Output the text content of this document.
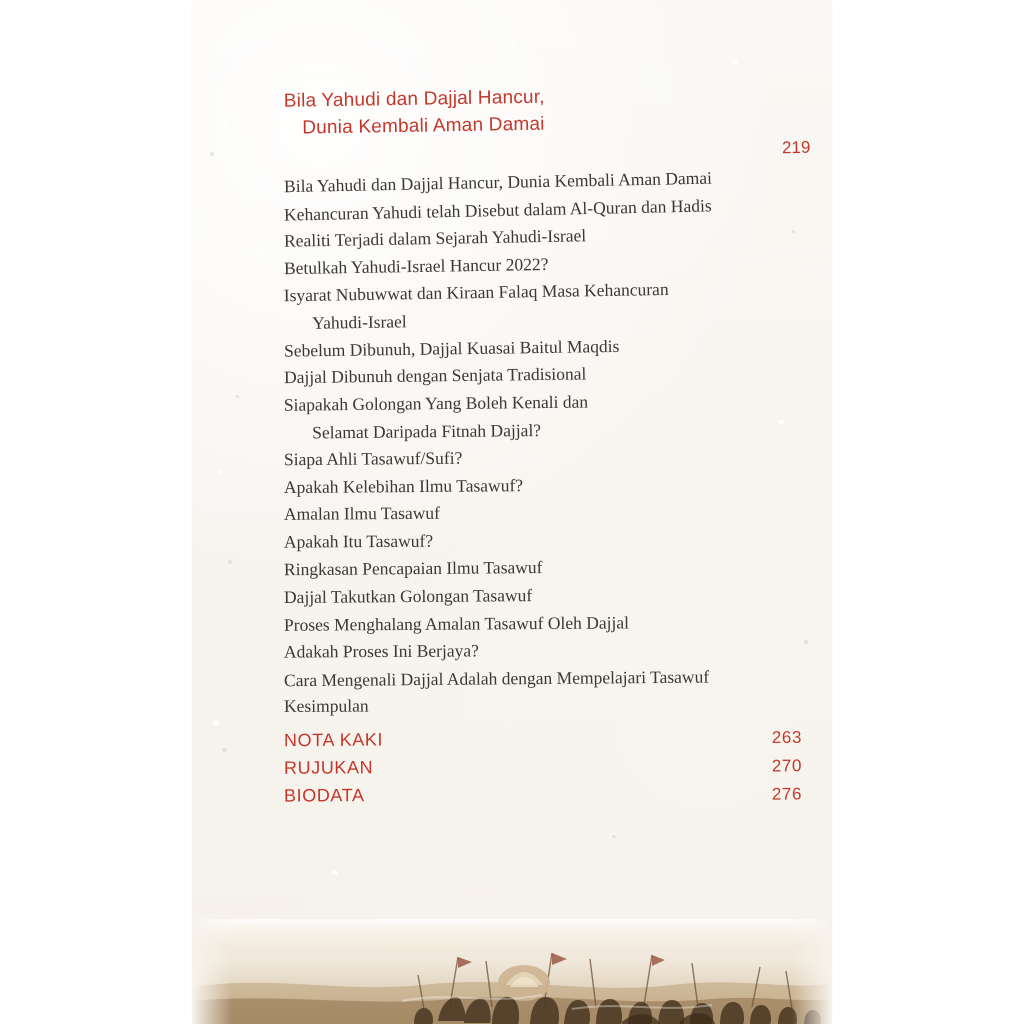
Bila Yahudi dan Dajjal Hancur,
Dunia Kembali Aman Damai
219
Bila Yahudi dan Dajjal Hancur, Dunia Kembali Aman Damai
Kehancuran Yahudi telah Disebut dalam Al-Quran dan Hadis
Realiti Terjadi dalam Sejarah Yahudi-Israel
Betulkah Yahudi-Israel Hancur 2022?
Isyarat Nubuwwat dan Kiraan Falaq Masa Kehancuran
Yahudi-Israel
Sebelum Dibunuh, Dajjal Kuasai Baitul Maqdis
Dajjal Dibunuh dengan Senjata Tradisional
Siapakah Golongan Yang Boleh Kenali dan
Selamat Daripada Fitnah Dajjal?
Siapa Ahli Tasawuf/Sufi?
Apakah Kelebihan Ilmu Tasawuf?
Amalan Ilmu Tasawuf
Apakah Itu Tasawuf?
Ringkasan Pencapaian Ilmu Tasawuf
Dajjal Takutkan Golongan Tasawuf
Proses Menghalang Amalan Tasawuf Oleh Dajjal
Adakah Proses Ini Berjaya?
Cara Mengenali Dajjal Adalah dengan Mempelajari Tasawuf
Kesimpulan
NOTA KAKI	263
RUJUKAN	270
BIODATA	276
